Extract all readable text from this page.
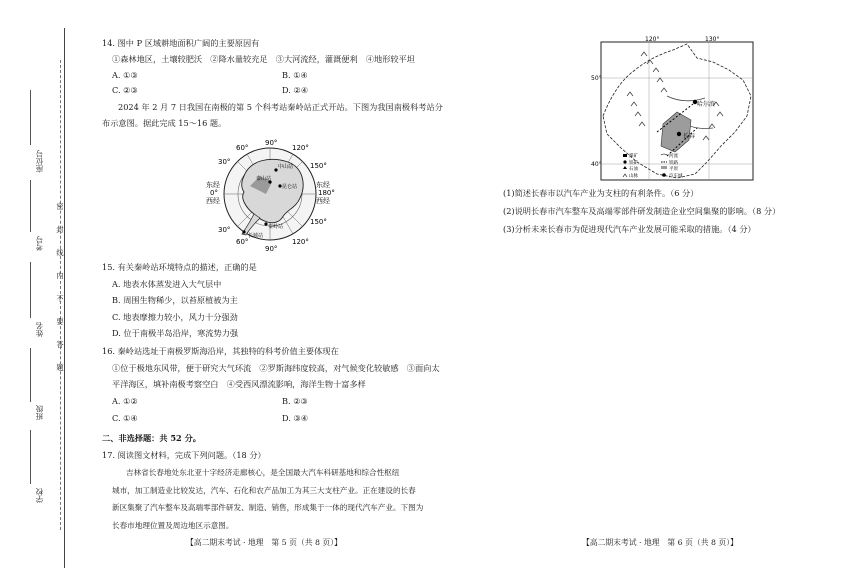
座位号
考号
姓名
班级
学校
密封线内不要答题
14. 图中 P 区域耕地面积广阔的主要原因有
①森林地区，土壤较肥沃　②降水量较充足　③大河流经，灌溉便利　④地形较平坦
A. ①③	B. ①④
C. ②③	D. ②④
2024 年 2 月 7 日我国在南极的第 5 个科考站秦岭站正式开站。下图为我国南极科考站分
布示意图。据此完成 15～16 题。
90°
60°	120°
30°	150°
东经
0°
西经
东经
180°
西经
30°
150°
60°	120°
90°
中山站
泰山站
昆仑站
秦岭站
长城站
15. 有关秦岭站环境特点的描述，正确的是
A. 地表水体蒸发进入大气层中
B. 周围生物稀少，以苔原植被为主
C. 地表摩擦力较小，风力十分强劲
D. 位于南极半岛沿岸，寒流势力强
16. 秦岭站选址于南极罗斯海沿岸，其独特的科考价值主要体现在
①位于极地东风带，便于研究大气环流　②罗斯海纬度较高，对气候变化较敏感　③面向太
平洋海区，填补南极考察空白　④受西风漂流影响，海洋生物十富多样
A. ①②	B. ②③
C. ①④	D. ③④
二、非选择题：共 52 分。
17. 阅读图文材料，完成下列问题。（18 分）
吉林省长春地处东北亚十字经济走廊核心，是全国最大汽车科研基地和综合性枢纽
城市，加工制造业比较发达，汽车、石化和农产品加工为其三大支柱产业。正在建设的长春
新区集聚了汽车整车及高端零部件研发、制造、销售，形成集于一体的现代汽车产业。下图为
长春市地理位置及周边地区示意图。
【高二期末考试 · 地理　第 5 页（共 8 页）】
120°	130°
50°
40°
哈尔滨
长春
煤矿
铁矿
石油
山脉
河流
铁路
平原
汽车城
(1)简述长春市以汽车产业为支柱的有利条件。（6 分）
(2)说明长春市汽车整车及高端零部件研发制造企业空间集聚的影响。（8 分）
(3)分析未来长春市为促进现代汽车产业发展可能采取的措施。（4 分）
【高二期末考试 · 地理　第 6 页（共 8 页）】
